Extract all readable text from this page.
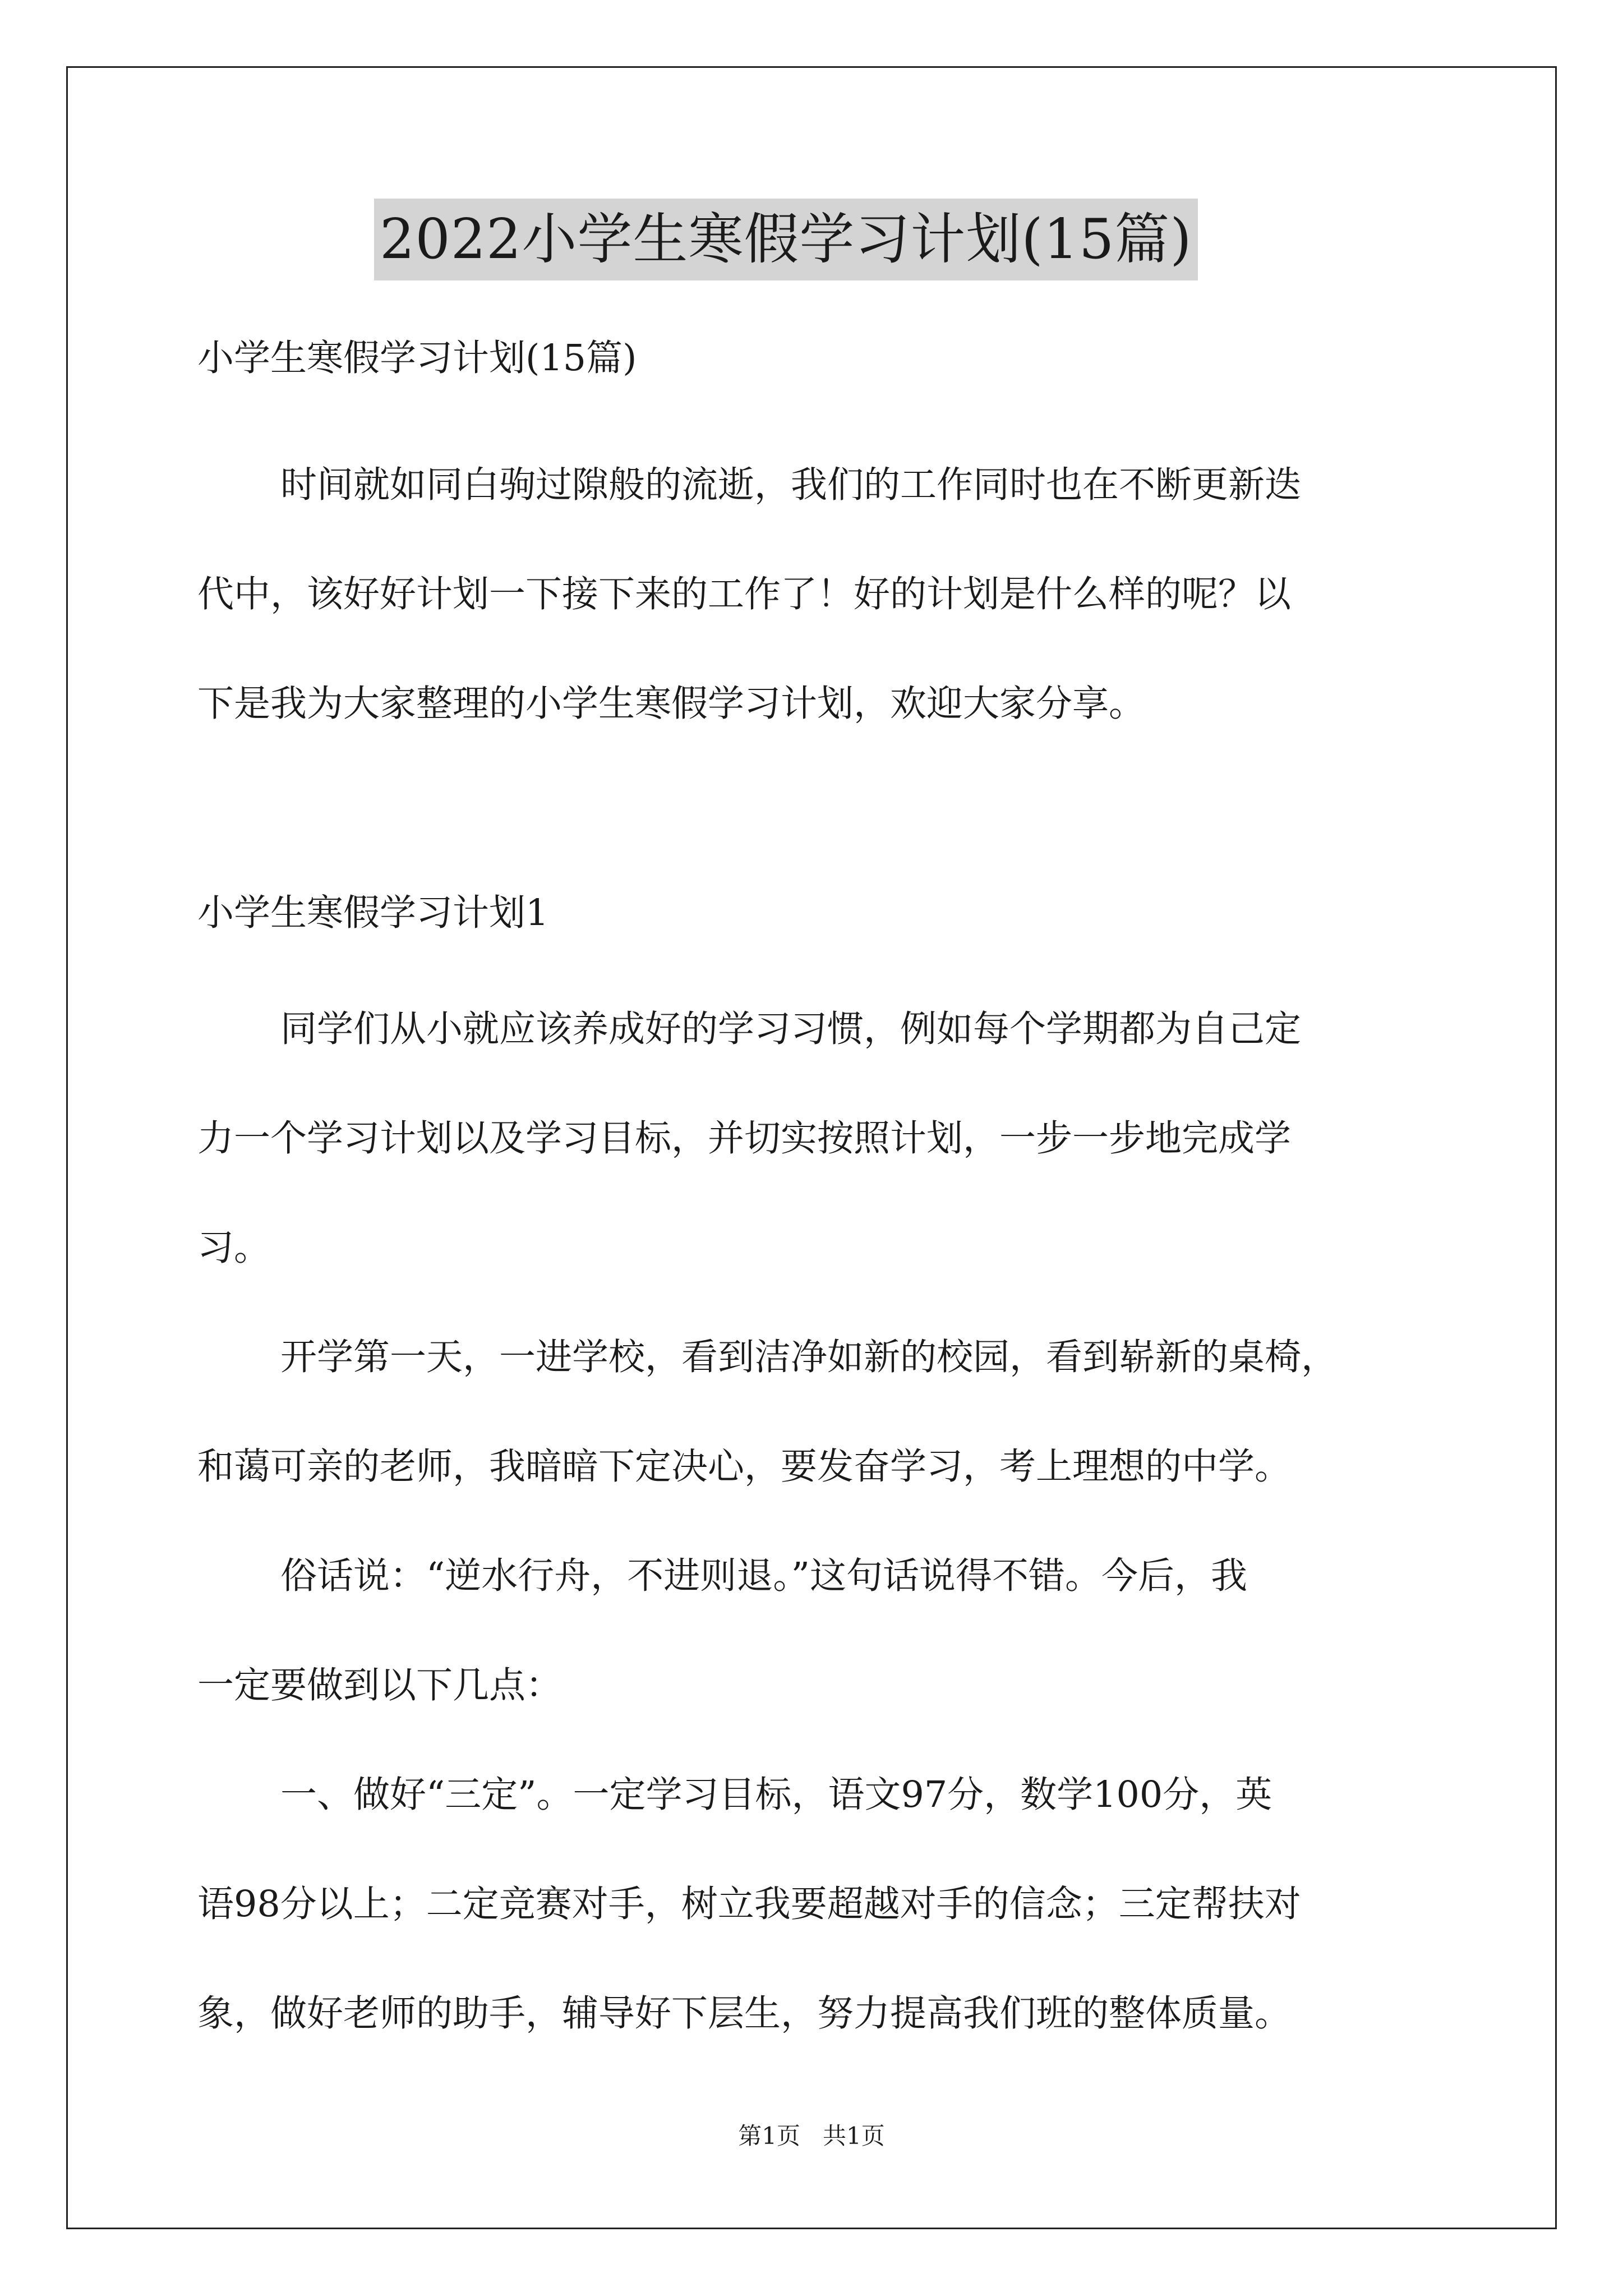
2022小学生寒假学习计划(15篇)
小学生寒假学习计划(15篇)
时间就如同白驹过隙般的流逝，我们的工作同时也在不断更新迭
代中，该好好计划一下接下来的工作了！好的计划是什么样的呢？以
下是我为大家整理的小学生寒假学习计划，欢迎大家分享。
小学生寒假学习计划1
同学们从小就应该养成好的学习习惯，例如每个学期都为自己定
力一个学习计划以及学习目标，并切实按照计划，一步一步地完成学
习。
开学第一天，一进学校，看到洁净如新的校园，看到崭新的桌椅，
和蔼可亲的老师，我暗暗下定决心，要发奋学习，考上理想的中学。
俗话说：“逆水行舟，不进则退。”这句话说得不错。今后，我
一定要做到以下几点：
一、做好“三定”。一定学习目标，语文97分，数学100分，英
语98分以上；二定竞赛对手，树立我要超越对手的信念；三定帮扶对
象，做好老师的助手，辅导好下层生，努力提高我们班的整体质量。
第1页   共1页
